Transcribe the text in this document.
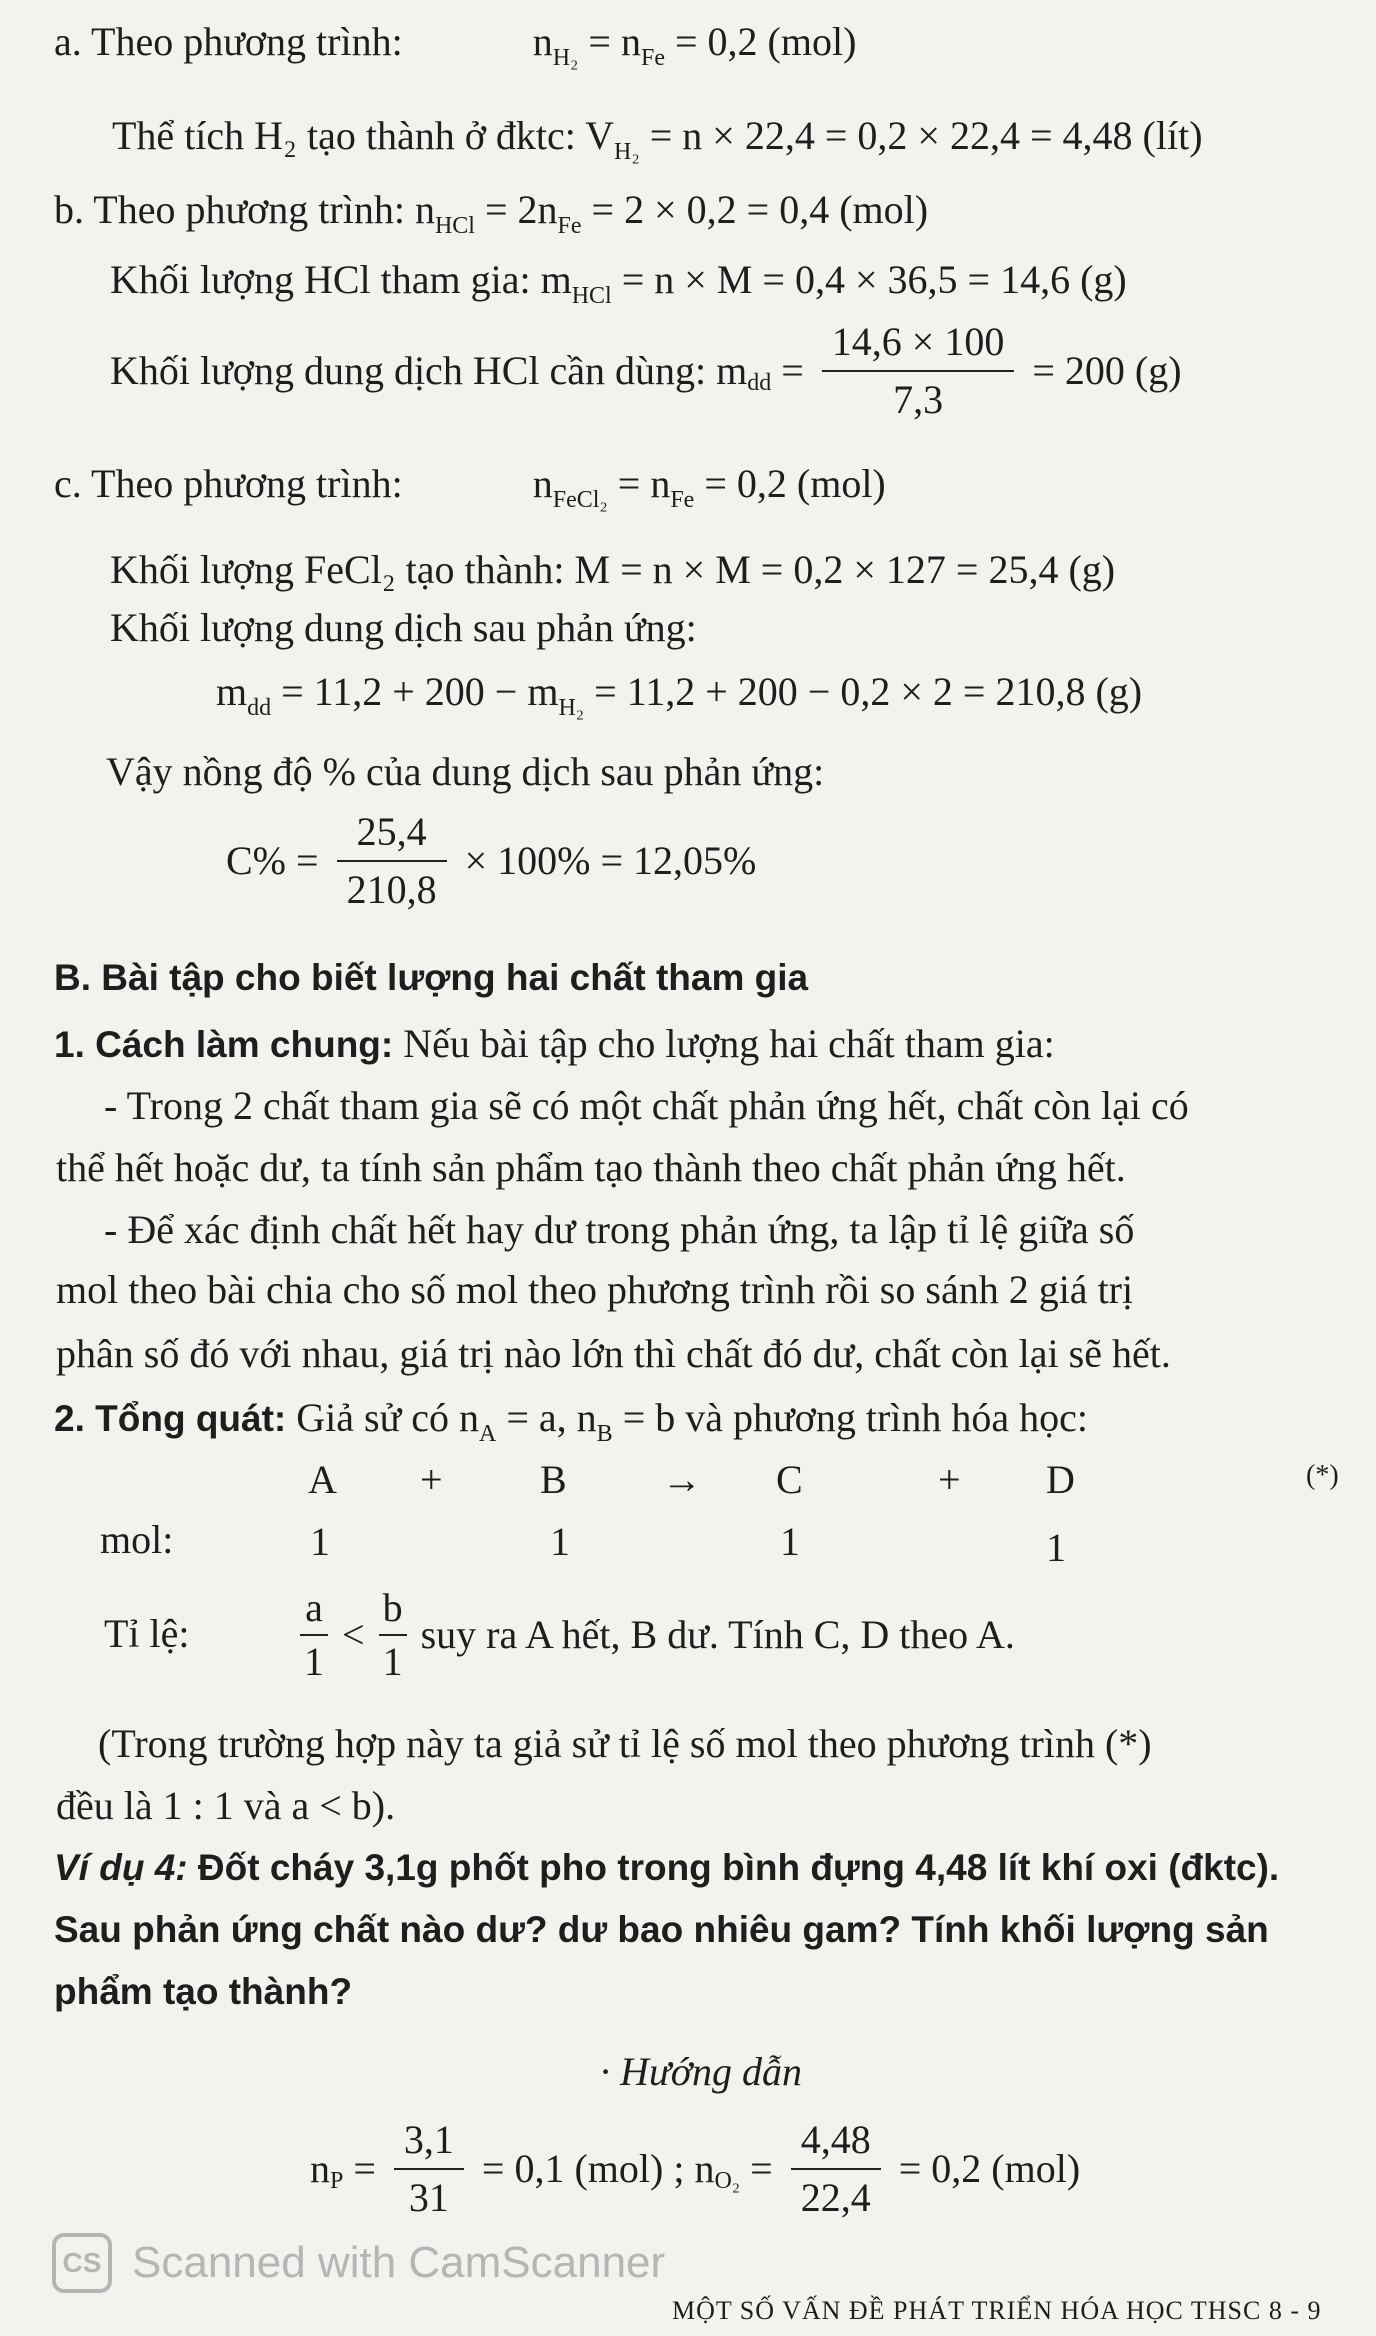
a. Theo phương trình:	$n_{H_2} = n_{Fe} = 0,2$ (mol)
Thể tích H₂ tạo thành ở đktc: $V_{H_2} = n \times 22,4 = 0,2 \times 22,4 = 4,48$ (lít)
b. Theo phương trình: $n_{HCl} = 2n_{Fe} = 2 \times 0,2 = 0,4$ (mol)
Khối lượng HCl tham gia: $m_{HCl} = n \times M = 0,4 \times 36,5 = 14,6$ (g)
Khối lượng dung dịch HCl cần dùng: $m_{dd} = \frac{14,6 \times 100}{7,3} = 200$ (g)
c. Theo phương trình:	$n_{FeCl_2} = n_{Fe} = 0,2$ (mol)
Khối lượng FeCl₂ tạo thành: M = n × M = 0,2 × 127 = 25,4 (g)
Khối lượng dung dịch sau phản ứng:
$m_{dd} = 11,2 + 200 - m_{H_2} = 11,2 + 200 - 0,2 \times 2 = 210,8$ (g)
Vậy nồng độ % của dung dịch sau phản ứng:
$C\% = \frac{25,4}{210,8} \times 100\% = 12,05\%$
B. Bài tập cho biết lượng hai chất tham gia
1. Cách làm chung: Nếu bài tập cho lượng hai chất tham gia:
- Trong 2 chất tham gia sẽ có một chất phản ứng hết, chất còn lại có
thể hết hoặc dư, ta tính sản phẩm tạo thành theo chất phản ứng hết.
- Để xác định chất hết hay dư trong phản ứng, ta lập tỉ lệ giữa số
mol theo bài chia cho số mol theo phương trình rồi so sánh 2 giá trị
phân số đó với nhau, giá trị nào lớn thì chất đó dư, chất còn lại sẽ hết.
2. Tổng quát: Giả sử có $n_A = a$, $n_B = b$ và phương trình hóa học:
A + B → C	+ D	(*)
mol:	1	1	1	1
Tỉ lệ:	$\frac{a}{1} < \frac{b}{1}$ suy ra A hết, B dư. Tính C, D theo A.
(Trong trường hợp này ta giả sử tỉ lệ số mol theo phương trình (*)
đều là 1 : 1 và a < b).
Ví dụ 4: Đốt cháy 3,1g phốt pho trong bình đựng 4,48 lít khí oxi (đktc).
Sau phản ứng chất nào dư? dư bao nhiêu gam? Tính khối lượng sản
phẩm tạo thành?
· Hướng dẫn
$n_P = \frac{3,1}{31} = 0,1$ (mol) ; $n_{O_2} = \frac{4,48}{22,4} = 0,2$ (mol)
CS Scanned with CamScanner
MỘT SỐ VẤN ĐỀ PHÁT TRIỂN HÓA HỌC THSC 8 - 9
